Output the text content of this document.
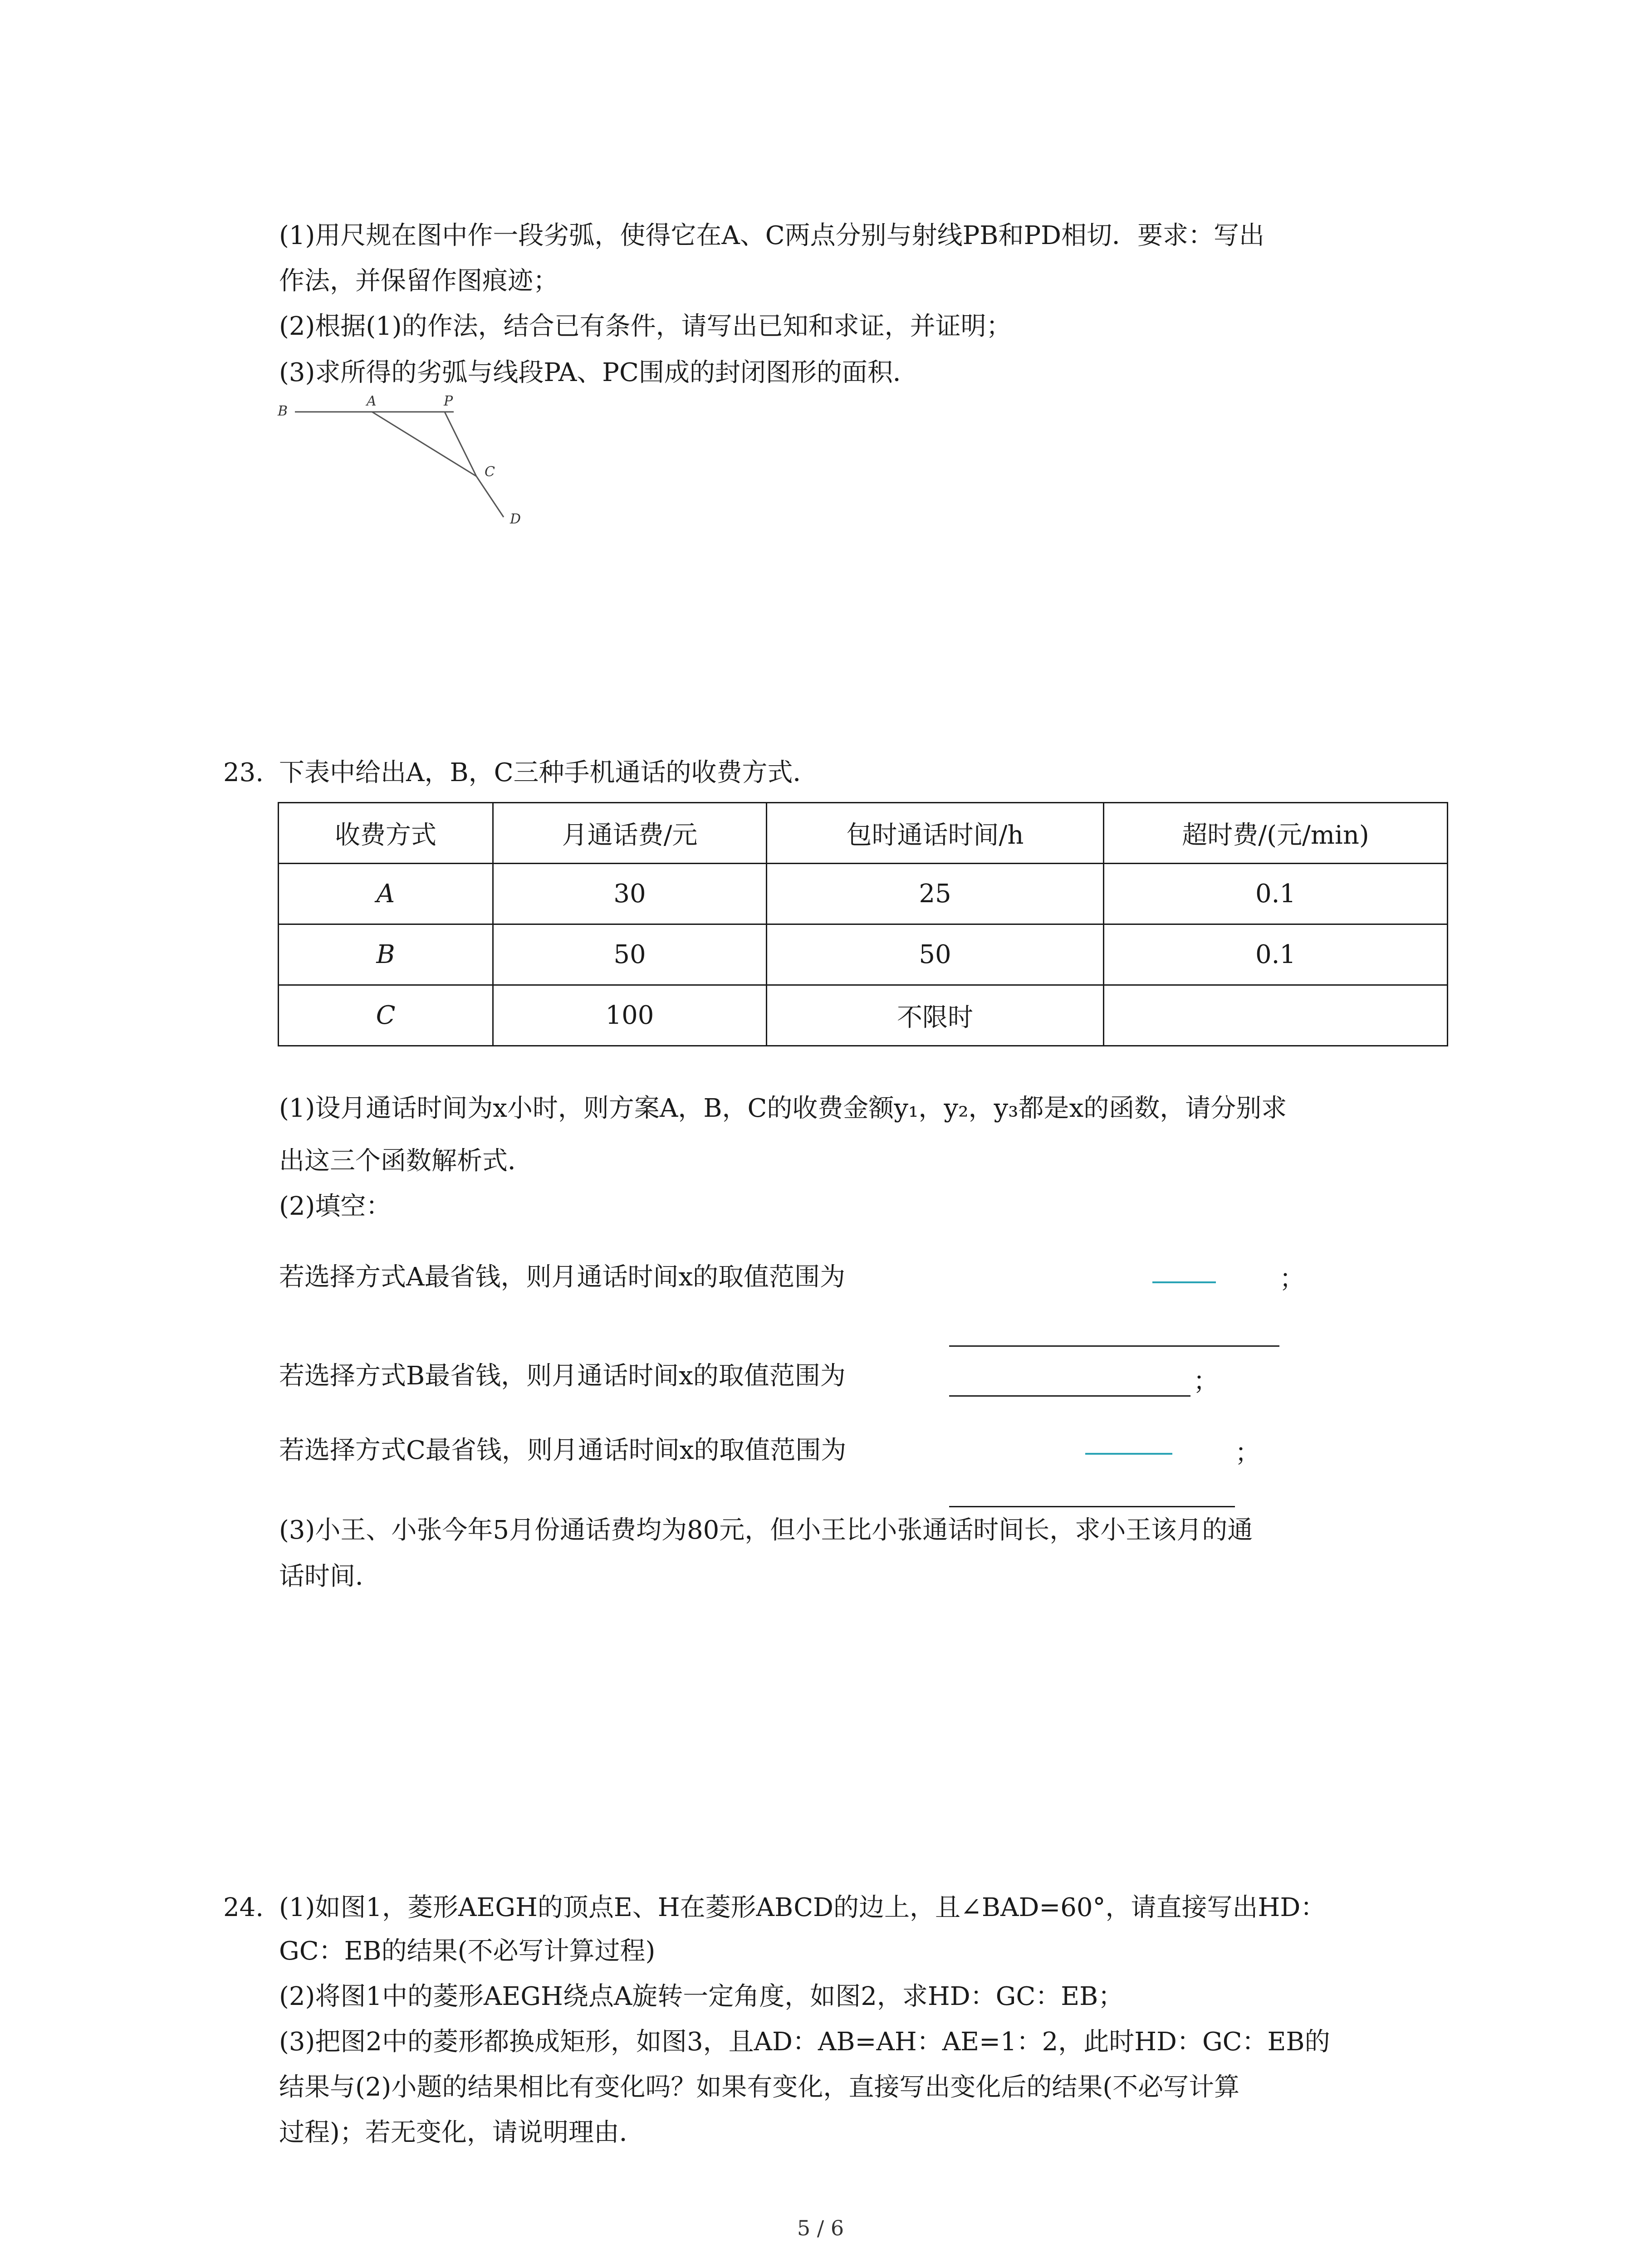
(1)用尺规在图中作一段劣弧，使得它在A、C两点分别与射线PB和PD相切．要求：写出

作法，并保留作图痕迹；

(2)根据(1)的作法，结合已有条件，请写出已知和求证，并证明；

(3)求所得的劣弧与线段PA、PC围成的封闭图形的面积．

B
A	P
C
D

23. 下表中给出A，B，C三种手机通话的收费方式．

收费方式	月通话费/元	包时通话时间/h	超时费/(元/min)
A	30	25	0.1
B	50	50	0.1
C	100	不限时	

(1)设月通话时间为x小时，则方案A，B，C的收费金额y₁，y₂，y₃都是x的函数，请分别求

出这三个函数解析式．

(2)填空：

若选择方式A最省钱，则月通话时间x的取值范围为	；

若选择方式B最省钱，则月通话时间x的取值范围为	；

若选择方式C最省钱，则月通话时间x的取值范围为	；

(3)小王、小张今年5月份通话费均为80元，但小王比小张通话时间长，求小王该月的通

话时间．

24. (1)如图1，菱形AEGH的顶点E、H在菱形ABCD的边上，且∠BAD=60°，请直接写出HD：

GC：EB的结果(不必写计算过程)

(2)将图1中的菱形AEGH绕点A旋转一定角度，如图2，求HD：GC：EB；

(3)把图2中的菱形都换成矩形，如图3，且AD：AB=AH：AE=1：2，此时HD：GC：EB的

结果与(2)小题的结果相比有变化吗？如果有变化，直接写出变化后的结果(不必写计算

过程)；若无变化，请说明理由．

5 / 6
